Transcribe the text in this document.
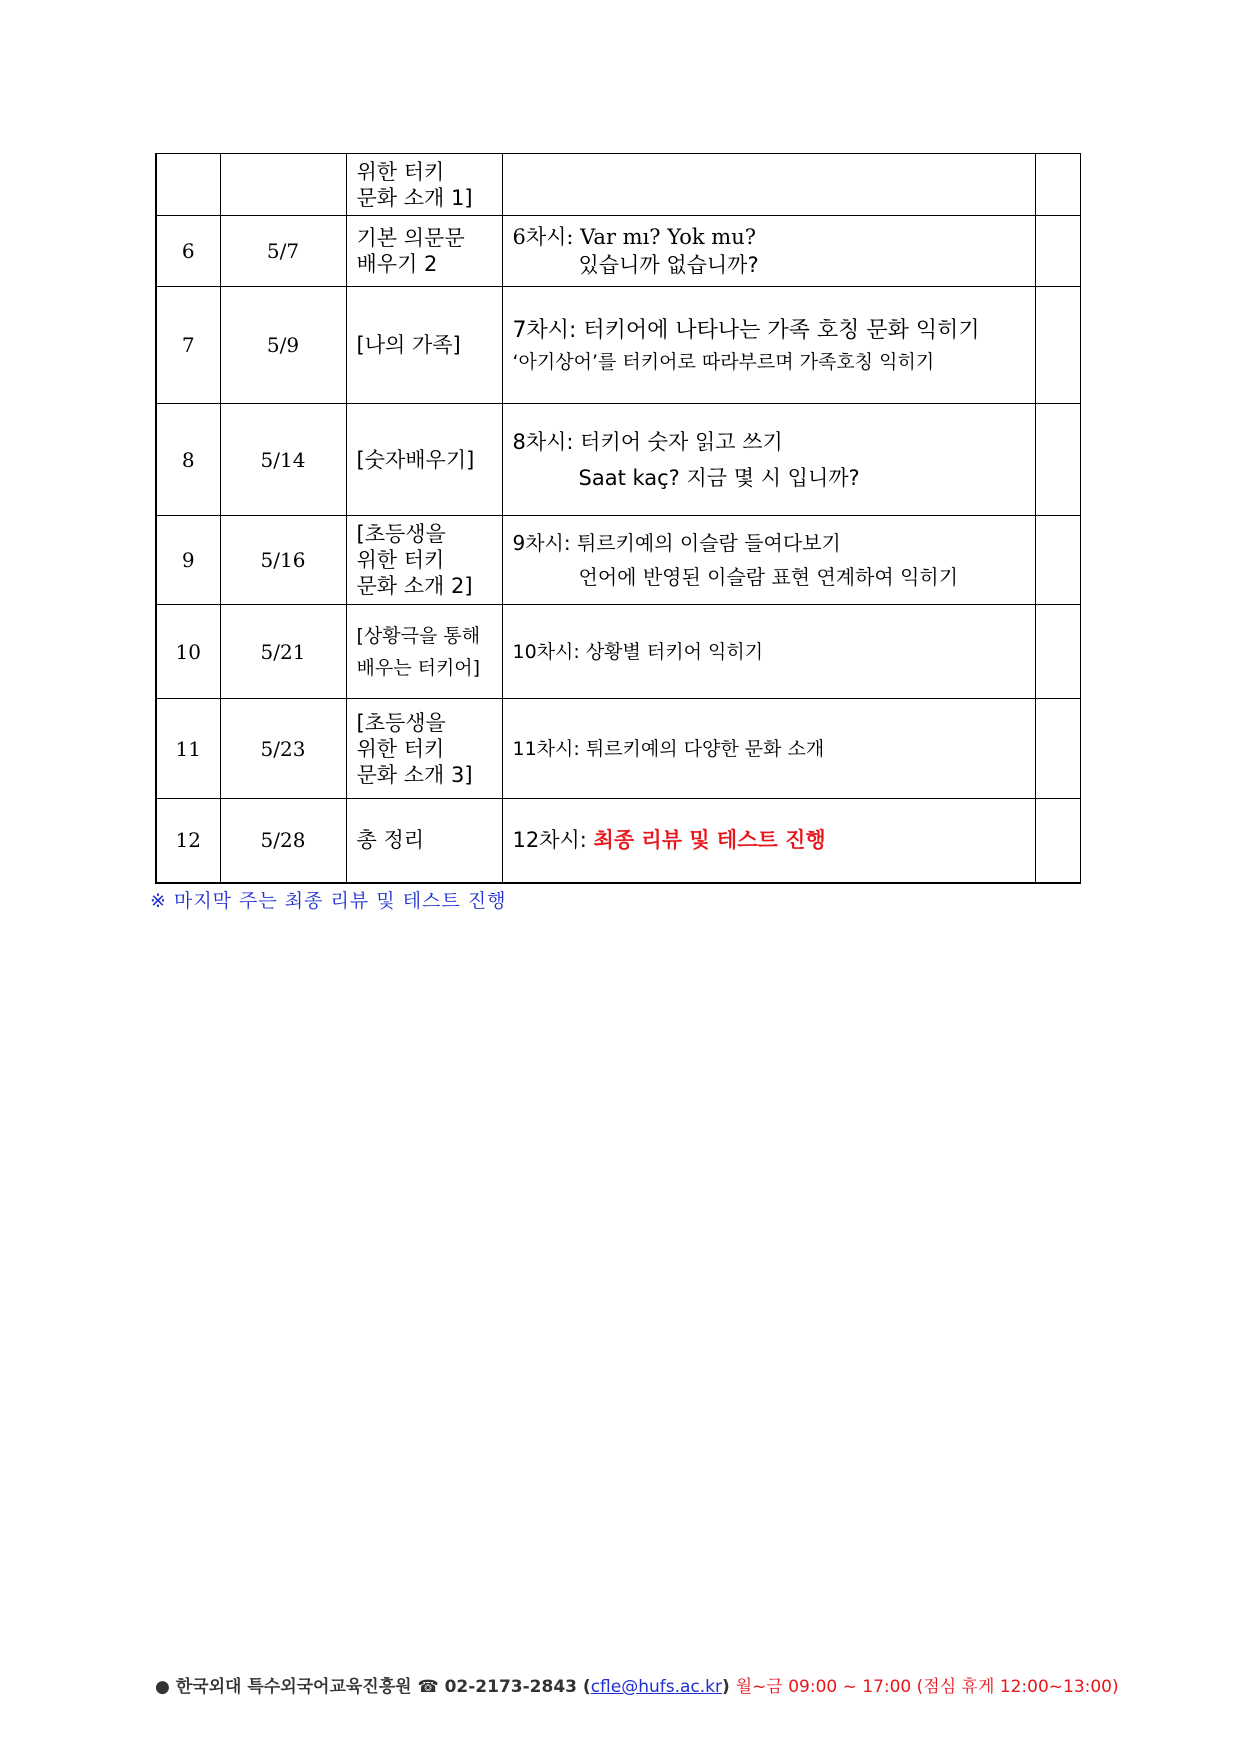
		위한 터키
문화 소개 1]		

6	5/7	기본 의문문
배우기 2	6차시: Var mı? Yok mu?
있습니까 없습니까?	

7	5/9	[나의 가족]	7차시: 터키어에 나타나는 가족 호칭 문화 익히기
‘아기상어’를 터키어로 따라부르며 가족호칭 익히기	

8	5/14	[숫자배우기]	8차시: 터키어 숫자 읽고 쓰기
Saat kaç? 지금 몇 시 입니까?	

9	5/16	[초등생을
위한 터키
문화 소개 2]	9차시: 튀르키예의 이슬람 들여다보기
언어에 반영된 이슬람 표현 연계하여 익히기	

10	5/21	[상황극을 통해
배우는 터키어]	10차시: 상황별 터키어 익히기	

11	5/23	[초등생을
위한 터키
문화 소개 3]	11차시: 튀르키예의 다양한 문화 소개	

12	5/28	총 정리	12차시: 최종 리뷰 및 테스트 진행	

※ 마지막 주는 최종 리뷰 및 테스트 진행
● 한국외대 특수외국어교육진흥원 ☎ 02-2173-2843 (cfle@hufs.ac.kr) 월~금 09:00 ~ 17:00 (점심 휴게 12:00~13:00)
